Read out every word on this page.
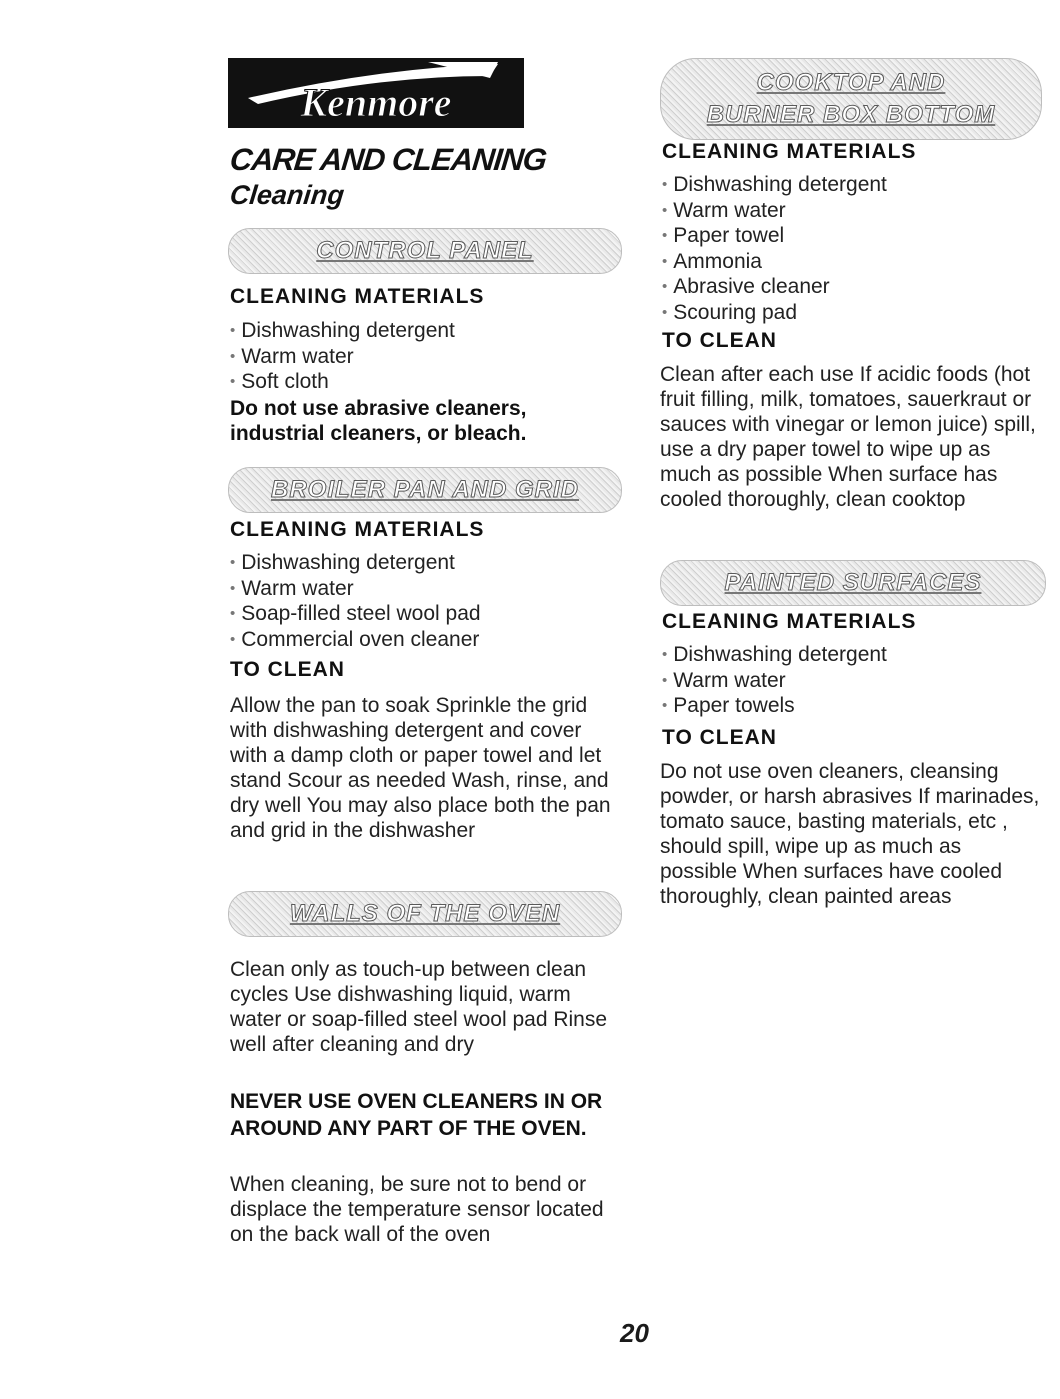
Kenmore
CARE AND CLEANING
Cleaning
CONTROL PANEL
CLEANING MATERIALS
• Dishwashing detergent
• Warm water
• Soft cloth

Do not use abrasive cleaners, industrial cleaners, or bleach.

BROILER PAN AND GRID
CLEANING MATERIALS
• Dishwashing detergent
• Warm water
• Soap-filled steel wool pad
• Commercial oven cleaner
TO CLEAN

Allow the pan to soak Sprinkle the grid with dishwashing detergent and cover with a damp cloth or paper towel and let stand Scour as needed Wash, rinse, and dry well You may also place both the pan and grid in the dishwasher

WALLS OF THE OVEN

Clean only as touch-up between clean cycles Use dishwashing liquid, warm water or soap-filled steel wool pad Rinse well after cleaning and dry

NEVER USE OVEN CLEANERS IN OR AROUND ANY PART OF THE OVEN.

When cleaning, be sure not to bend or displace the temperature sensor located on the back wall of the oven

COOKTOP AND
BURNER BOX BOTTOM
CLEANING MATERIALS
• Dishwashing detergent
• Warm water
• Paper towel
• Ammonia
• Abrasive cleaner
• Scouring pad
TO CLEAN

Clean after each use If acidic foods (hot fruit filling, milk, tomatoes, sauerkraut or sauces with vinegar or lemon juice) spill, use a dry paper towel to wipe up as much as possible When surface has cooled thoroughly, clean cooktop

PAINTED SURFACES
CLEANING MATERIALS
• Dishwashing detergent
• Warm water
• Paper towels
TO CLEAN

Do not use oven cleaners, cleansing powder, or harsh abrasives If marinades, tomato sauce, basting materials, etc , should spill, wipe up as much as possible When surfaces have cooled thoroughly, clean painted areas

20
